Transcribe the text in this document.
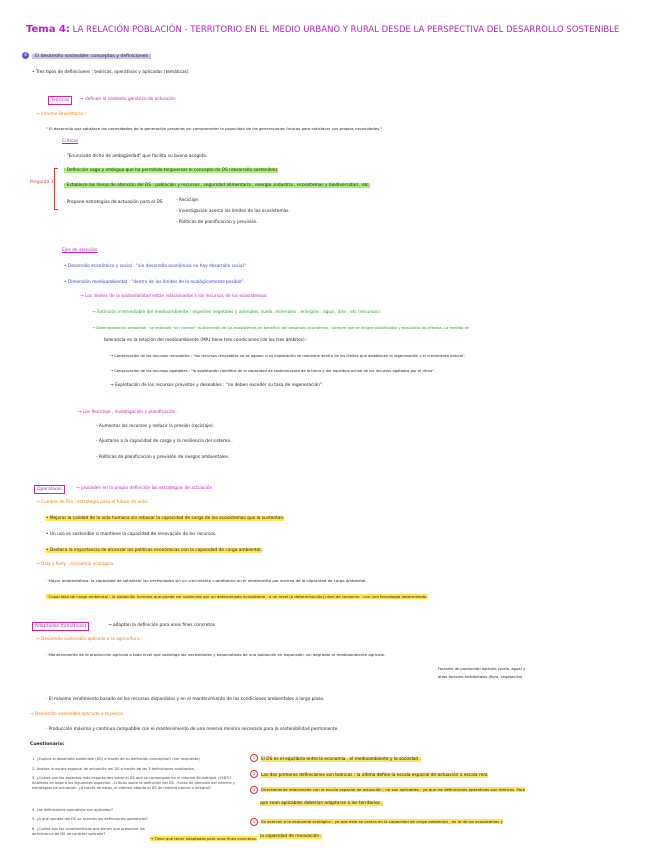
Tema 4: LA RELACIÓN POBLACIÓN - TERRITORIO EN EL MEDIO URBANO Y RURAL DESDE LA PERSPECTIVA DEL DESARROLLO SOSTENIBLE
4 El desarrollo sostenible: conceptos y definiciones
• Tres tipos de definiciones : teóricas, operativas y aplicadas (temáticas).
Teóricas	→ definen el contexto genérico de actuación
→ Informe Brundtland :
" El desarrollo que satisface las necesidades de la generación presente sin comprometer la capacidad de las generaciones futuras para satisfacer sus propias necesidades."
Críticas
· "Enunciado dicho de ambigüedad" que facilita su buena acogida.
· Definición vaga y ambigua que ha permitido tergiversar el concepto de DS (desarrollo sostenible).
· Establece las líneas de atención del DS : población y recursos , seguridad alimentaria , energía ,industria , ecosistemas y biodiversidad , etc.
· Propone estrategias de actuación para el DS
Pregunta 3
- Reciclaje.
- Investigación acerca los límites de los ecosistemas.
- Políticas de planificación y previsión.
Ejes de atención
• Desarrollo económico y social : "sin desarrollo económico no hay desarrollo social".
• Dimensión medioambiental : "dentro de los límites de lo ecológicamente posible".
→ Los límites de la sostenibilidad están relacionados a los recursos de los ecosistemas:
→ Extinción irremediable del medioambiente : especies vegetales y animales, suelo, minerales , energías , agua , aire , etc (recursos).
→ Deterioramiento ambiental : se entiende "sin carecer" la alteración de los ecosistemas en beneficio del desarrollo económico ; siempre que se tengan planificados y evaluados los efectos. La medida de
tolerancia en la relación del medioambiente (MA) tiene tres condiciones (de los tres ámbitos) :
→ Conservación de los recursos renovables : "los recursos renovables no se agotan si su explotación se mantiene dentro de los límites que establecen la regeneración y el crecimiento natural".
→ Conservación de los recursos agotables : "la explotación científica de la capacidad de sostenimiento de la tierra y del equilibrio actual de los recursos agotados por el ritmo".
→ Explotación de los recursos previstos y deseables : "no deben exceder su tasa de regeneración".
→ Los Reciclaje , investigación y planificación :
- Aumentar los recursos y reducir la presión (reciclaje).
- Ajustarse a la capacidad de carga y la resiliencia del sistema .
- Políticas de planificación y previsión de riesgos ambientales.
Operativas	→ proceden en la propia definición las estrategias de actuación
→ Cumbre de Rio : estrategia para el futuro de vida.
• Mejorar la calidad de la vida humana sin rebasar la capacidad de carga de los ecosistemas que la sustentan.
• Un uso es sostenible si mantiene la capacidad de renovación de los recursos.
• Destaca la importancia de alcanzar las políticas económicas con la capacidad de carga ambiental.
→ Daly y Kelly : economía ecológica.
· Mayor ambientalista: la capacidad de satisfacer las necesidades sin un crecimiento cuantitativo en el rendimiento por encima de la capacidad de carga ambiental.
· Capacidad de carga ambiental : la población humana que puede ser sostenida por un determinado ecosistema , a un nivel (o determinación) nivel de consumo , con una tecnología determinada.
Adaptadas (temáticas)	→ adaptan la definición para unos fines concretos
→ Desarrollo sostenible aplicado a la agricultura:
· Mantenimiento de la producción agrícola a todo nivel que satisfaga las necesidades y expectativas de una población en expansión, sin degradar el medioambiente agrícola.
Factores de producción agrícola (suelo, agua) y
otros factores ambientales (flora, vegetación)
· El máximo rendimiento basado en los recursos disponibles y en el mantenimiento de las condiciones ambientales a largo plazo.
→ Desarrollo sostenible aplicado a la pesca.
· Producción máxima y continua compatible con el mantenimiento de una reserva mínima necesaria para la sostenibilidad permanente.
Cuestionario:
1. ¿Explica el desarrollo sostenible (DS) a través de su definición conceptual? (ver respuesta)
2. Analiza la escala espacial de actuación del DS a través de las 3 definiciones analizadas.
3. ¿Cuáles son los aspectos más importantes sobre el DS que se contemplan en el informe Brundtland (1987)? Analícelo en base a los siguientes aspectos: -Críticas sobre la definición del DS. -Focos de atención del informe y estrategias de actuación. ¿A través de estos, el informe aborda el DS de manera parcial o integral?
4. Las definiciones operativas son aplicados?
5. ¿A qué someta del DS se acercan las definiciones operativas?
6. ¿Cuáles son las características que tienen que presentar las definiciones de DS de carácter aplicado?
→ Tiene que tener adaptadas para unos fines concretos.
1 El DS es el equilibrio entre la economía , el medioambiente y la sociedad .
2 Las dos primeras definiciones son teóricas ; la última define la escala espacial de actuación a escala real.
4 Directamente relacionado con la escala espacial de actuación ; no son aplicables ; ya que las definiciones operativas son teóricas. Para
que sean aplicables deberían adaptarse a los territorios .
5 Se acercan a la economía ecológica ; ya que este se centra en la capacidad de carga ambiental , en la de los ecosistemas y
la capacidad de renovación .
